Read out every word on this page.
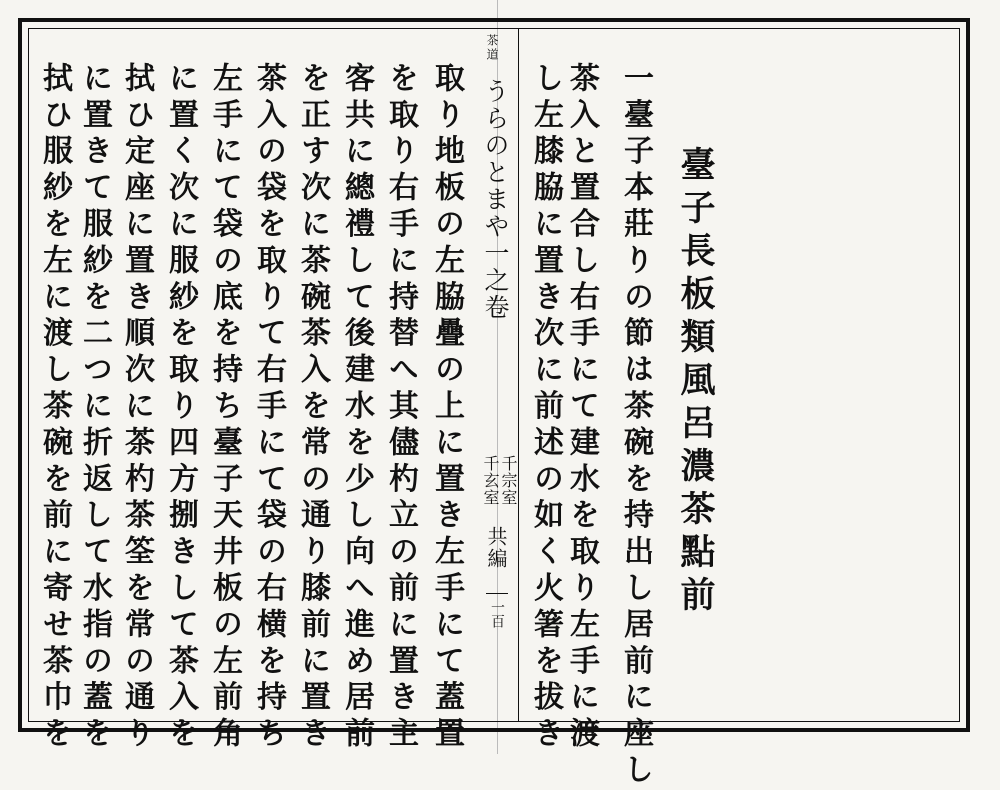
茶道
うらのとまや一之卷
千玄室 千宗室
共編
一百	臺子長板類風呂濃茶點前
一臺子本莊りの節は茶碗を持出し居前に座し
茶入と置合し右手にて建水を取り左手に渡
し左膝脇に置き次に前述の如く火箸を拔き
取り地板の左脇疊の上に置き左手にて蓋置
を取り右手に持替へ其儘杓立の前に置き主
客共に總禮して後建水を少し向へ進め居前
を正す次に茶碗茶入を常の通り膝前に置き
茶入の袋を取りて右手にて袋の右横を持ち
左手にて袋の底を持ち臺子天井板の左前角
に置く次に服紗を取り四方捌きして茶入を
拭ひ定座に置き順次に茶杓茶筌を常の通り
に置きて服紗を二つに折返して水指の蓋を
拭ひ服紗を左に渡し茶碗を前に寄せ茶巾を
